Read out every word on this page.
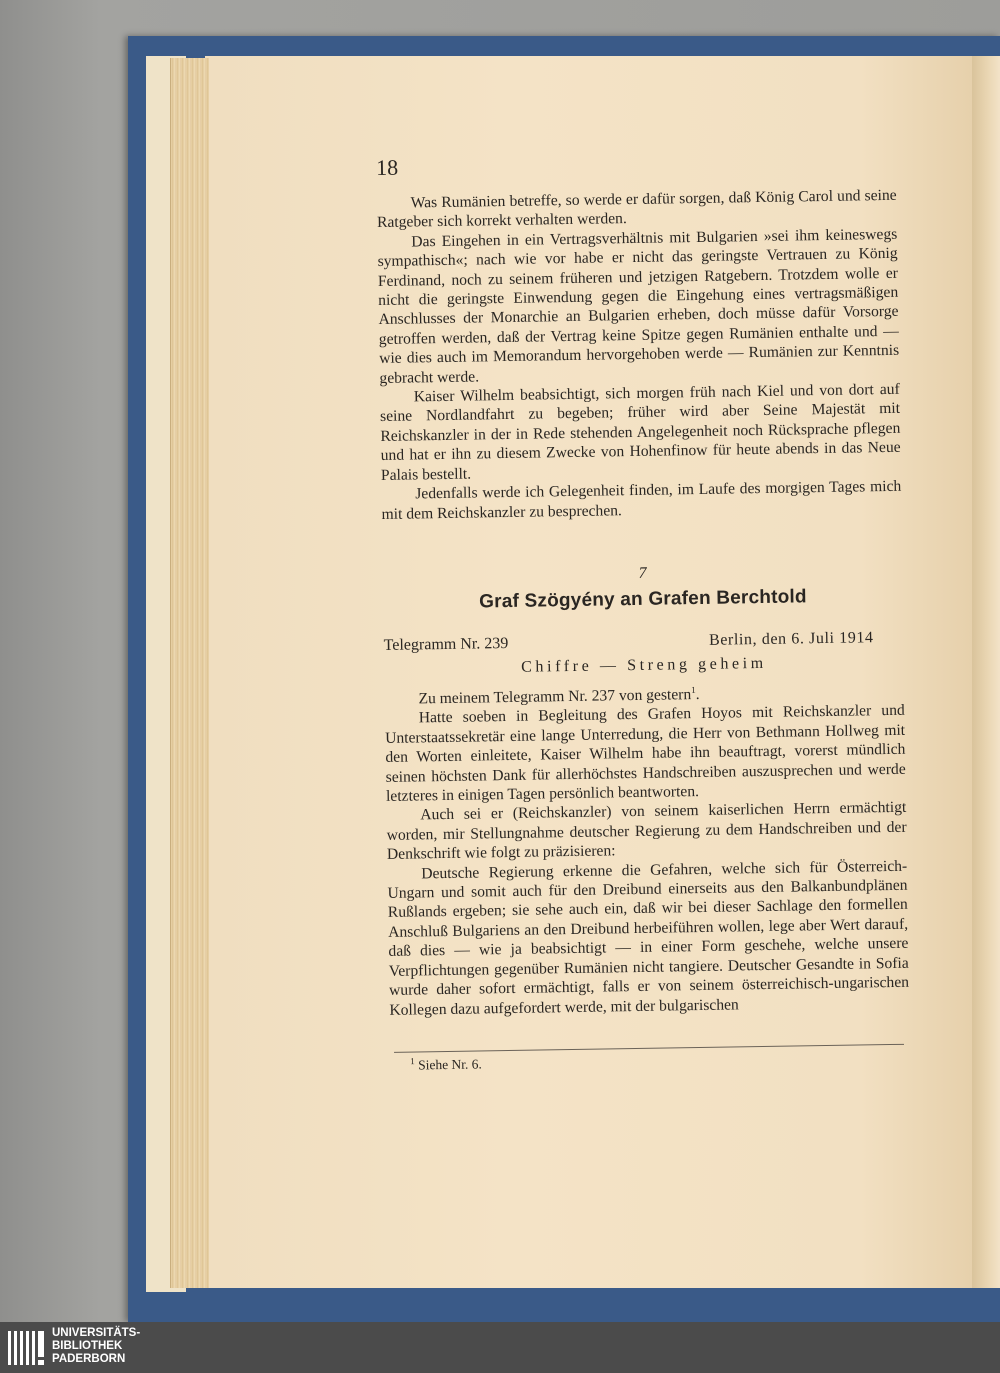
18

Was Rumänien betreffe, so werde er dafür sorgen, daß König Carol und seine Ratgeber sich korrekt verhalten werden.

Das Eingehen in ein Vertragsverhältnis mit Bulgarien »sei ihm keineswegs sympathisch«; nach wie vor habe er nicht das geringste Vertrauen zu König Ferdinand, noch zu seinem früheren und jetzigen Ratgebern. Trotzdem wolle er nicht die geringste Einwendung gegen die Eingehung eines vertragsmäßigen Anschlusses der Monarchie an Bulgarien erheben, doch müsse dafür Vorsorge getroffen werden, daß der Vertrag keine Spitze gegen Rumänien enthalte und — wie dies auch im Memorandum hervorgehoben werde — Rumänien zur Kenntnis gebracht werde.

Kaiser Wilhelm beabsichtigt, sich morgen früh nach Kiel und von dort auf seine Nordlandfahrt zu begeben; früher wird aber Seine Majestät mit Reichskanzler in der in Rede stehenden Angelegenheit noch Rücksprache pflegen und hat er ihn zu diesem Zwecke von Hohenfinow für heute abends in das Neue Palais bestellt.

Jedenfalls werde ich Gelegenheit finden, im Laufe des morgigen Tages mich mit dem Reichskanzler zu besprechen.

7
Graf Szögyény an Grafen Berchtold
Telegramm Nr. 239	Berlin, den 6. Juli 1914
Chiffre — Streng geheim

Zu meinem Telegramm Nr. 237 von gestern$^1$.

Hatte soeben in Begleitung des Grafen Hoyos mit Reichskanzler und Unterstaatssekretär eine lange Unterredung, die Herr von Bethmann Hollweg mit den Worten einleitete, Kaiser Wilhelm habe ihn beauftragt, vorerst mündlich seinen höchsten Dank für allerhöchstes Handschreiben auszusprechen und werde letzteres in einigen Tagen persönlich beantworten.

Auch sei er (Reichskanzler) von seinem kaiserlichen Herrn ermächtigt worden, mir Stellungnahme deutscher Regierung zu dem Handschreiben und der Denkschrift wie folgt zu präzisieren:

Deutsche Regierung erkenne die Gefahren, welche sich für Österreich-Ungarn und somit auch für den Dreibund einerseits aus den Balkanbundplänen Rußlands ergeben; sie sehe auch ein, daß wir bei dieser Sachlage den formellen Anschluß Bulgariens an den Dreibund herbeiführen wollen, lege aber Wert darauf, daß dies — wie ja beabsichtigt — in einer Form geschehe, welche unsere Verpflichtungen gegenüber Rumänien nicht tangiere. Deutscher Gesandte in Sofia wurde daher sofort ermächtigt, falls er von seinem österreichisch-ungarischen Kollegen dazu aufgefordert werde, mit der bulgarischen

$^1$ Siehe Nr. 6.
UNIVERSITÄTS-
BIBLIOTHEK
PADERBORN
